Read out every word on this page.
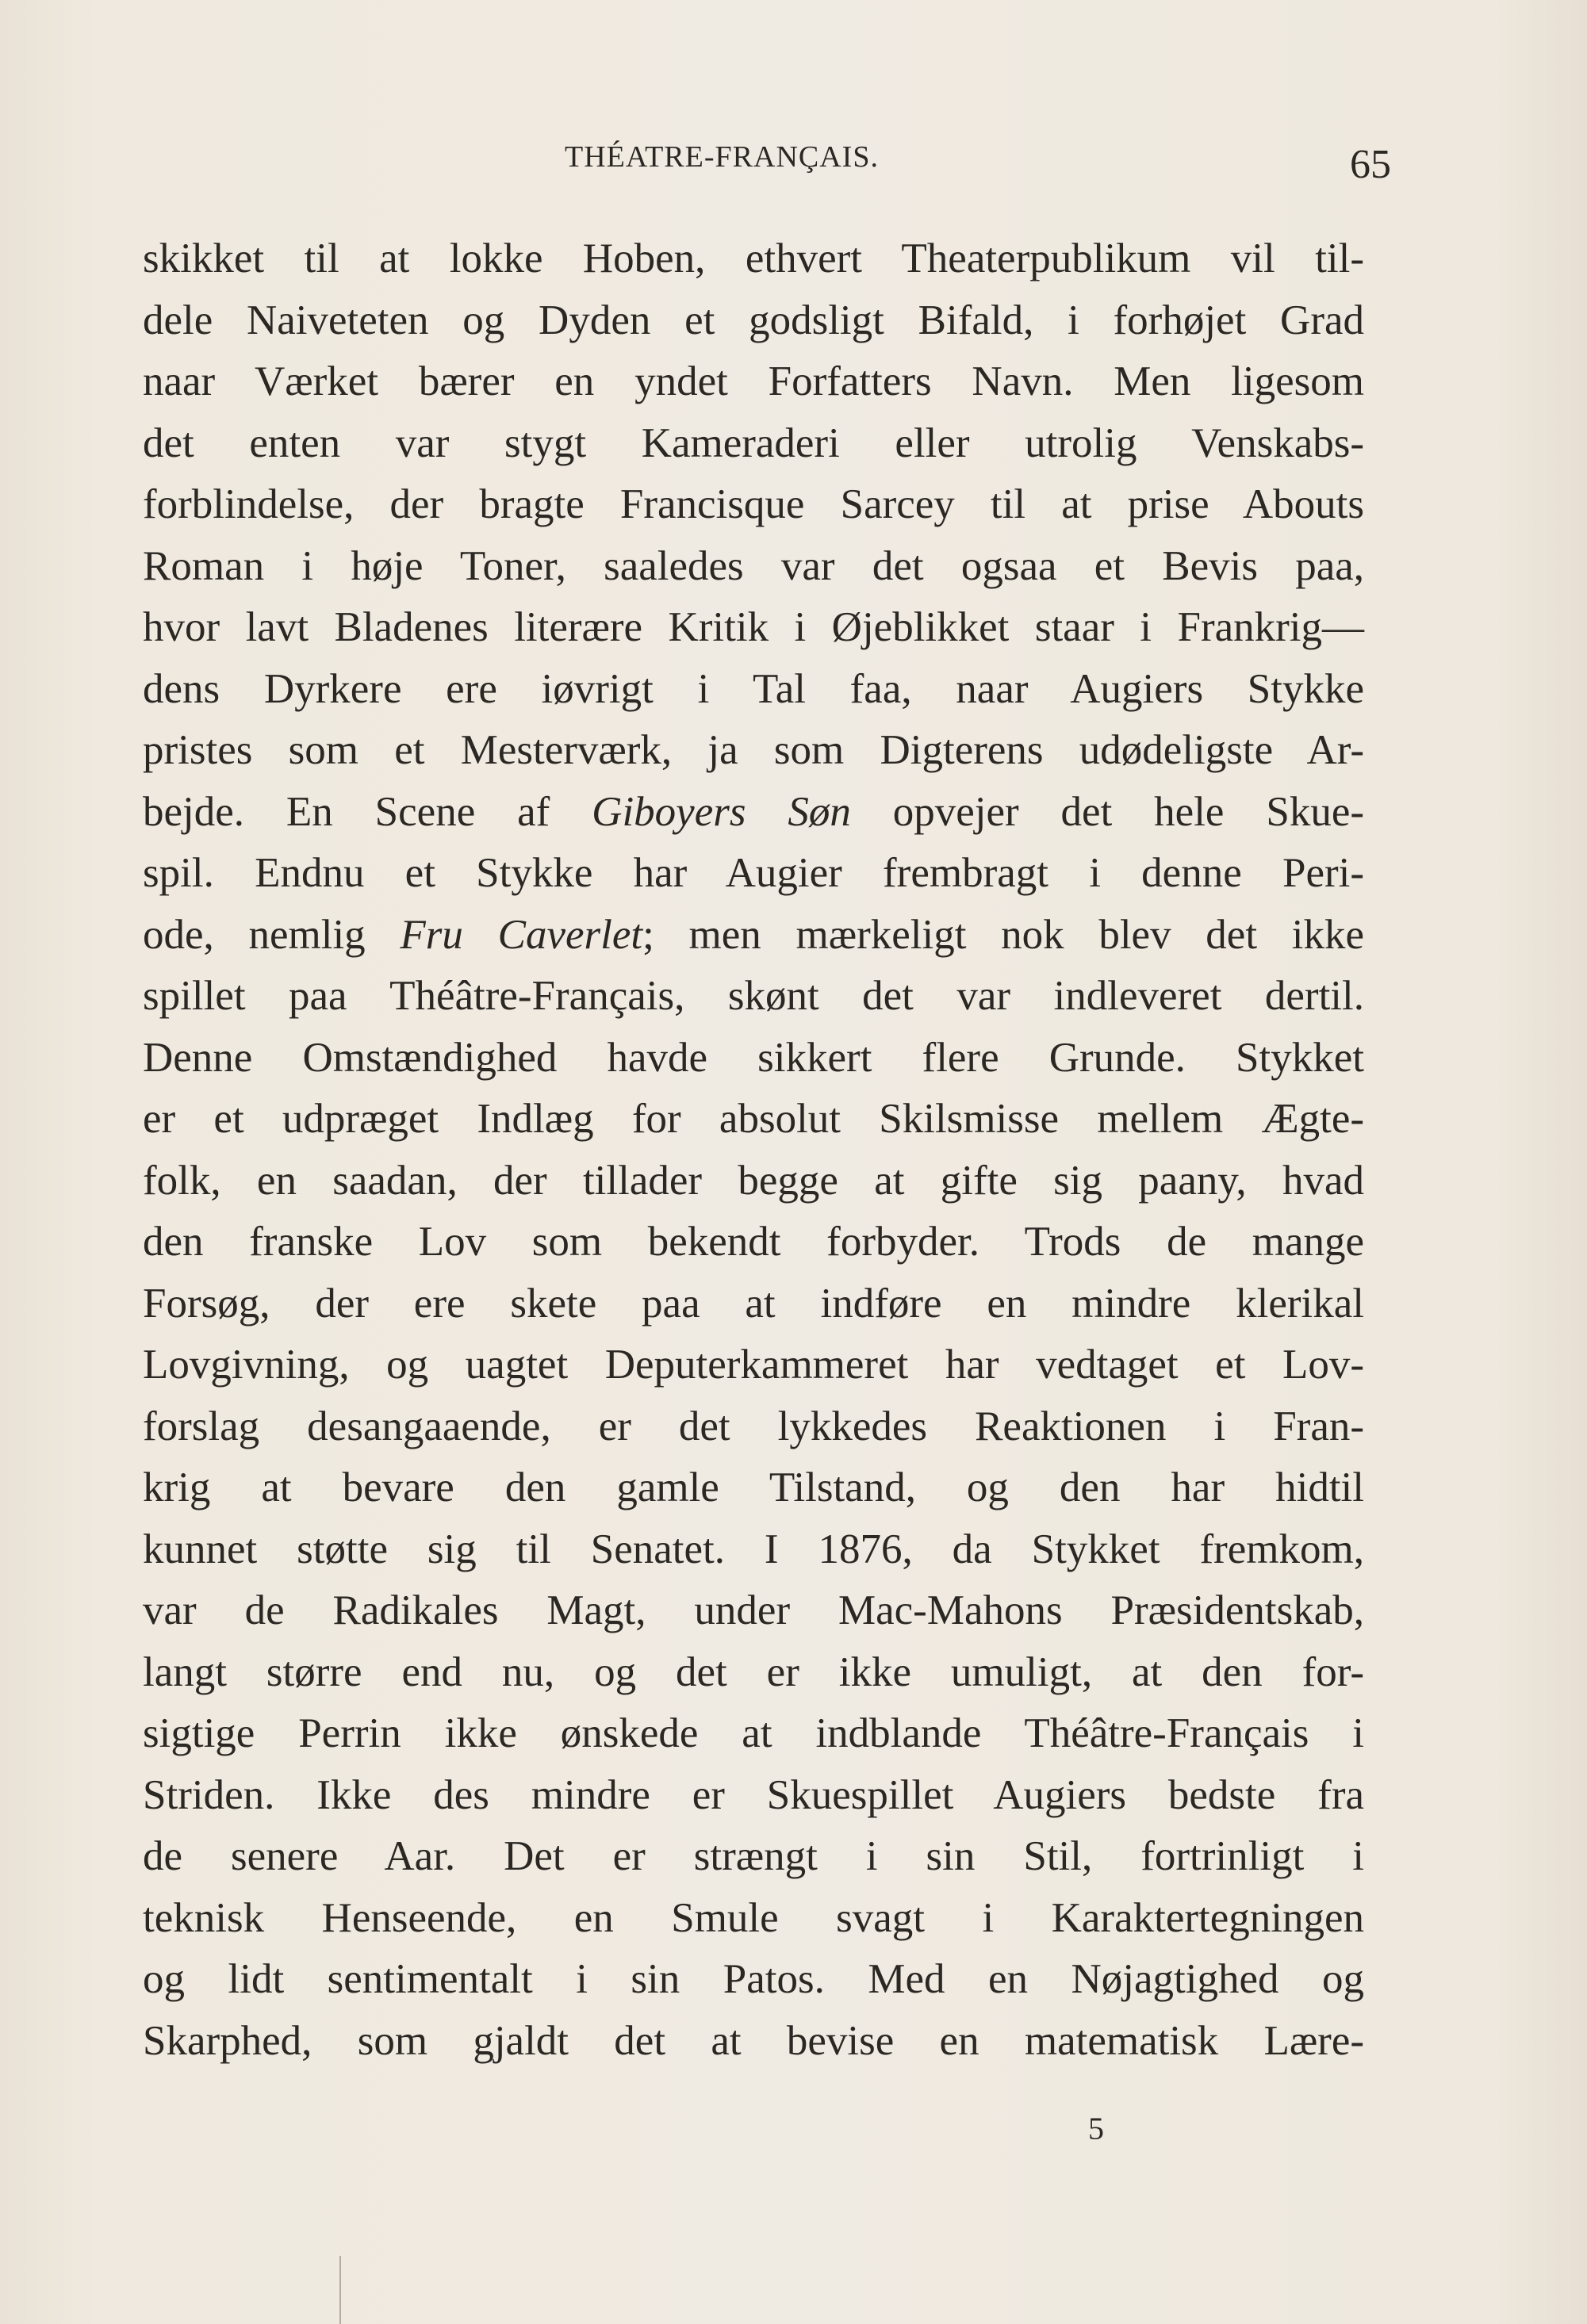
THÉATRE-FRANÇAIS.	65
skikket til at lokke Hoben, ethvert Theaterpublikum vil til-
dele Naiveteten og Dyden et godsligt Bifald, i forhøjet Grad
naar Værket bærer en yndet Forfatters Navn. Men ligesom
det enten var stygt Kameraderi eller utrolig Venskabs-
forblindelse, der bragte Francisque Sarcey til at prise Abouts
Roman i høje Toner, saaledes var det ogsaa et Bevis paa,
hvor lavt Bladenes literære Kritik i Øjeblikket staar i Frankrig—
dens Dyrkere ere iøvrigt i Tal faa, naar Augiers Stykke
pristes som et Mesterværk, ja som Digterens udødeligste Ar-
bejde. En Scene af Giboyers Søn opvejer det hele Skue-
spil. Endnu et Stykke har Augier frembragt i denne Peri-
ode, nemlig Fru Caverlet; men mærkeligt nok blev det ikke
spillet paa Théâtre-Français, skønt det var indleveret dertil.
Denne Omstændighed havde sikkert flere Grunde. Stykket
er et udpræget Indlæg for absolut Skilsmisse mellem Ægte-
folk, en saadan, der tillader begge at gifte sig paany, hvad
den franske Lov som bekendt forbyder. Trods de mange
Forsøg, der ere skete paa at indføre en mindre klerikal
Lovgivning, og uagtet Deputerkammeret har vedtaget et Lov-
forslag desangaaende, er det lykkedes Reaktionen i Fran-
krig at bevare den gamle Tilstand, og den har hidtil
kunnet støtte sig til Senatet. I 1876, da Stykket fremkom,
var de Radikales Magt, under Mac-Mahons Præsidentskab,
langt større end nu, og det er ikke umuligt, at den for-
sigtige Perrin ikke ønskede at indblande Théâtre-Français i
Striden. Ikke des mindre er Skuespillet Augiers bedste fra
de senere Aar. Det er strængt i sin Stil, fortrinligt i
teknisk Henseende, en Smule svagt i Karaktertegningen
og lidt sentimentalt i sin Patos. Med en Nøjagtighed og
Skarphed, som gjaldt det at bevise en matematisk Lære-
5
